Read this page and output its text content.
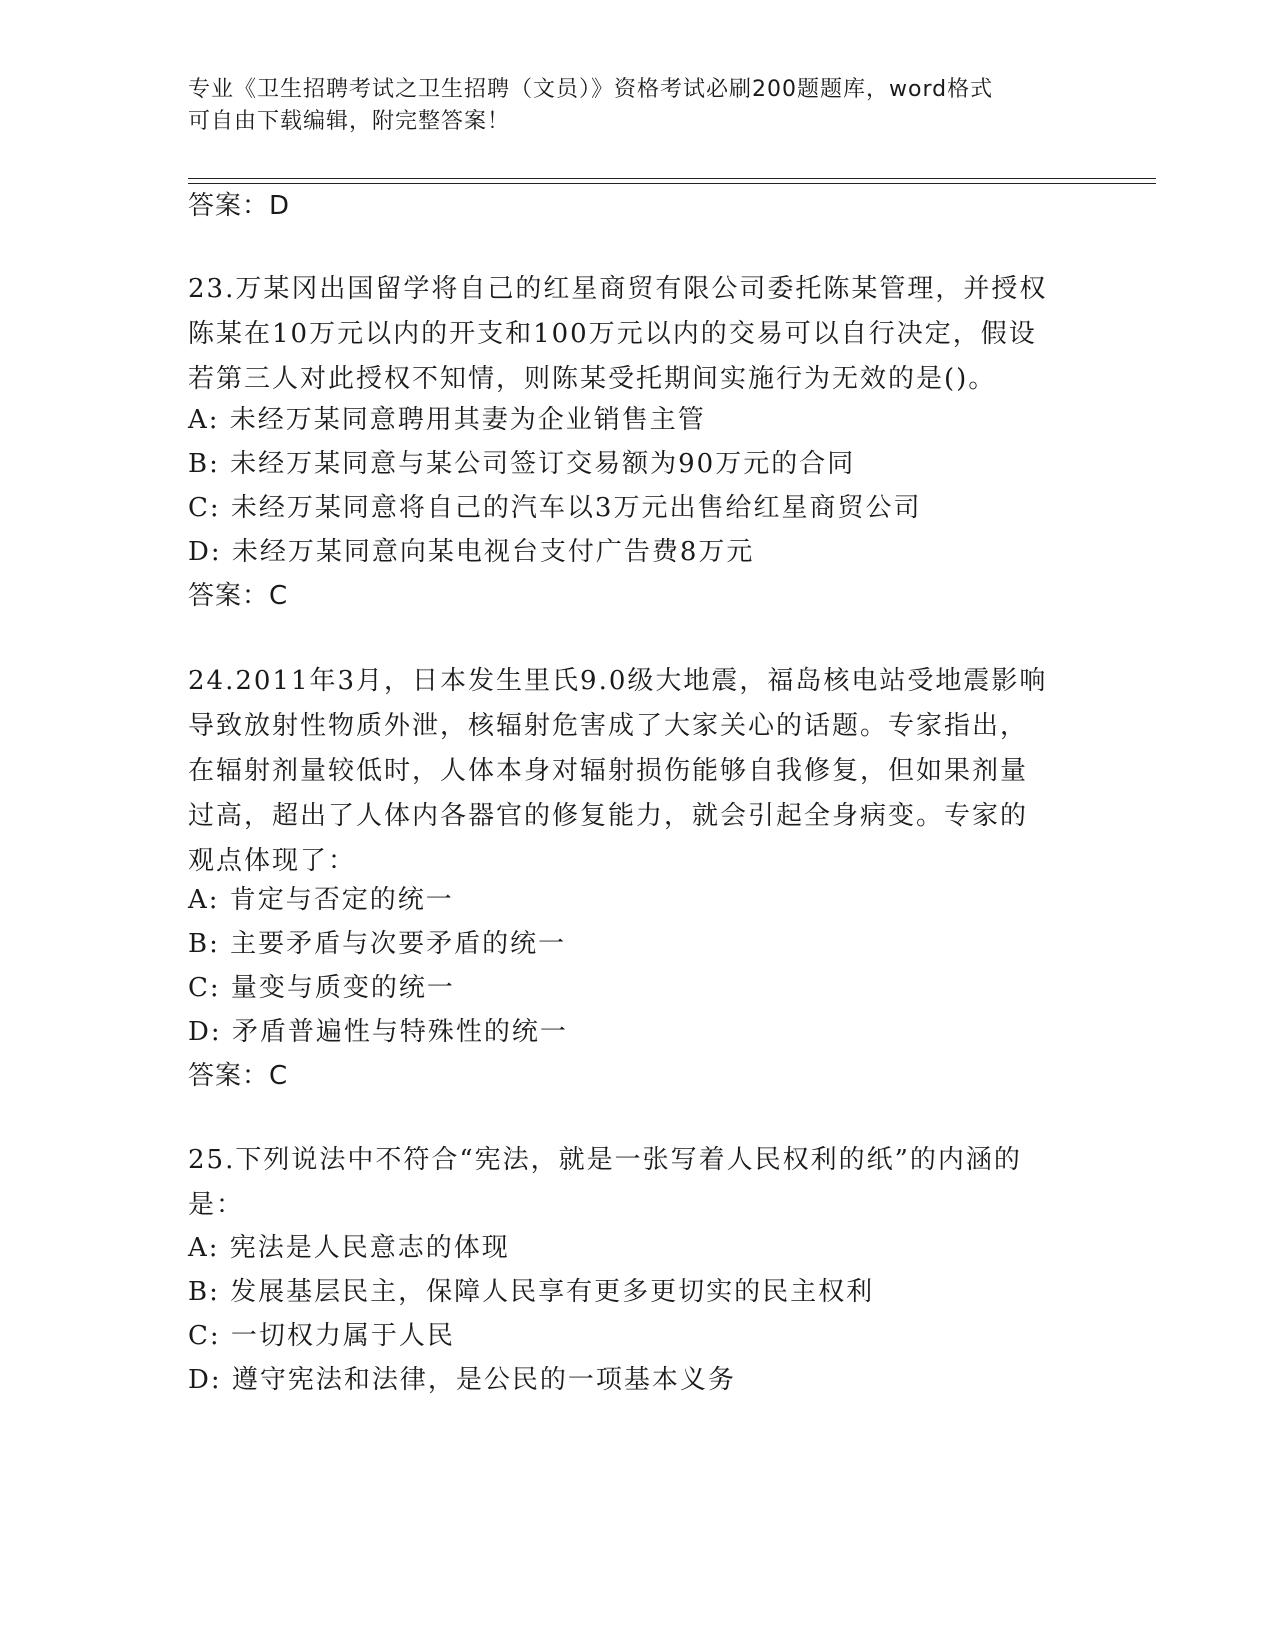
专业《卫生招聘考试之卫生招聘（文员）》资格考试必刷200题题库，word格式
可自由下载编辑，附完整答案！
答案：D
23.万某冈出国留学将自己的红星商贸有限公司委托陈某管理，并授权
陈某在10万元以内的开支和100万元以内的交易可以自行决定，假设
若第三人对此授权不知情，则陈某受托期间实施行为无效的是()。
A: 未经万某同意聘用其妻为企业销售主管
B: 未经万某同意与某公司签订交易额为90万元的合同
C: 未经万某同意将自己的汽车以3万元出售给红星商贸公司
D: 未经万某同意向某电视台支付广告费8万元
答案：C
24.2011年3月，日本发生里氏9.0级大地震，福岛核电站受地震影响
导致放射性物质外泄，核辐射危害成了大家关心的话题。专家指出，
在辐射剂量较低时，人体本身对辐射损伤能够自我修复，但如果剂量
过高，超出了人体内各器官的修复能力，就会引起全身病变。专家的
观点体现了：
A: 肯定与否定的统一
B: 主要矛盾与次要矛盾的统一
C: 量变与质变的统一
D: 矛盾普遍性与特殊性的统一
答案：C
25.下列说法中不符合“宪法，就是一张写着人民权利的纸”的内涵的
是：
A: 宪法是人民意志的体现
B: 发展基层民主，保障人民享有更多更切实的民主权利
C: 一切权力属于人民
D: 遵守宪法和法律，是公民的一项基本义务
